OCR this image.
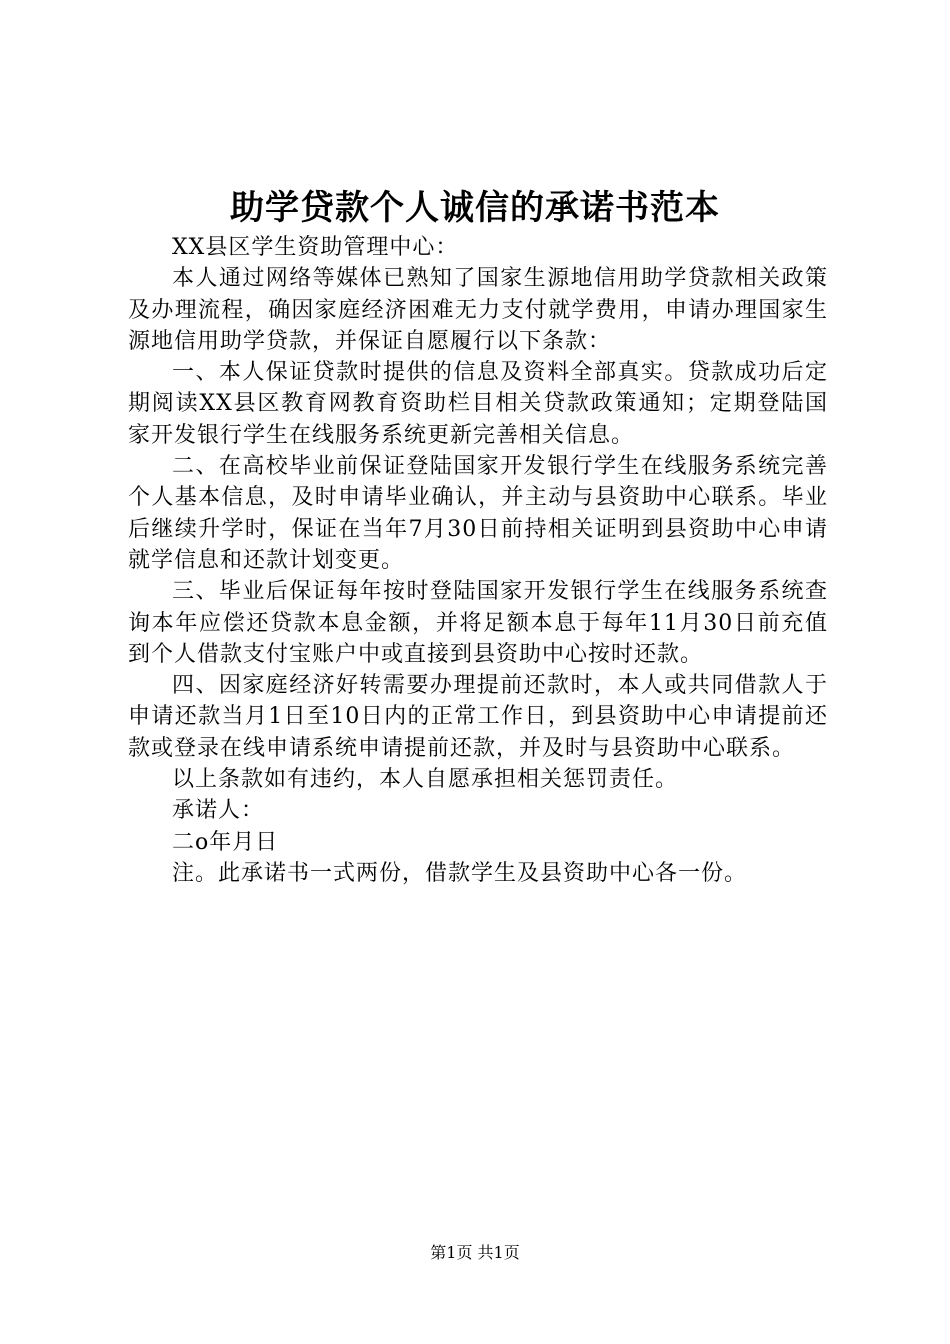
助学贷款个人诚信的承诺书范本

XX县区学生资助管理中心：

本人通过网络等媒体已熟知了国家生源地信用助学贷款相关政策及办理流程，确因家庭经济困难无力支付就学费用，申请办理国家生源地信用助学贷款，并保证自愿履行以下条款：

一、本人保证贷款时提供的信息及资料全部真实。贷款成功后定期阅读XX县区教育网教育资助栏目相关贷款政策通知；定期登陆国家开发银行学生在线服务系统更新完善相关信息。

二、在高校毕业前保证登陆国家开发银行学生在线服务系统完善个人基本信息，及时申请毕业确认，并主动与县资助中心联系。毕业后继续升学时，保证在当年7月30日前持相关证明到县资助中心申请就学信息和还款计划变更。

三、毕业后保证每年按时登陆国家开发银行学生在线服务系统查询本年应偿还贷款本息金额，并将足额本息于每年11月30日前充值到个人借款支付宝账户中或直接到县资助中心按时还款。

四、因家庭经济好转需要办理提前还款时，本人或共同借款人于申请还款当月1日至10日内的正常工作日，到县资助中心申请提前还款或登录在线申请系统申请提前还款，并及时与县资助中心联系。

以上条款如有违约，本人自愿承担相关惩罚责任。

承诺人：

二o年月日

注。此承诺书一式两份，借款学生及县资助中心各一份。

第1页 共1页
